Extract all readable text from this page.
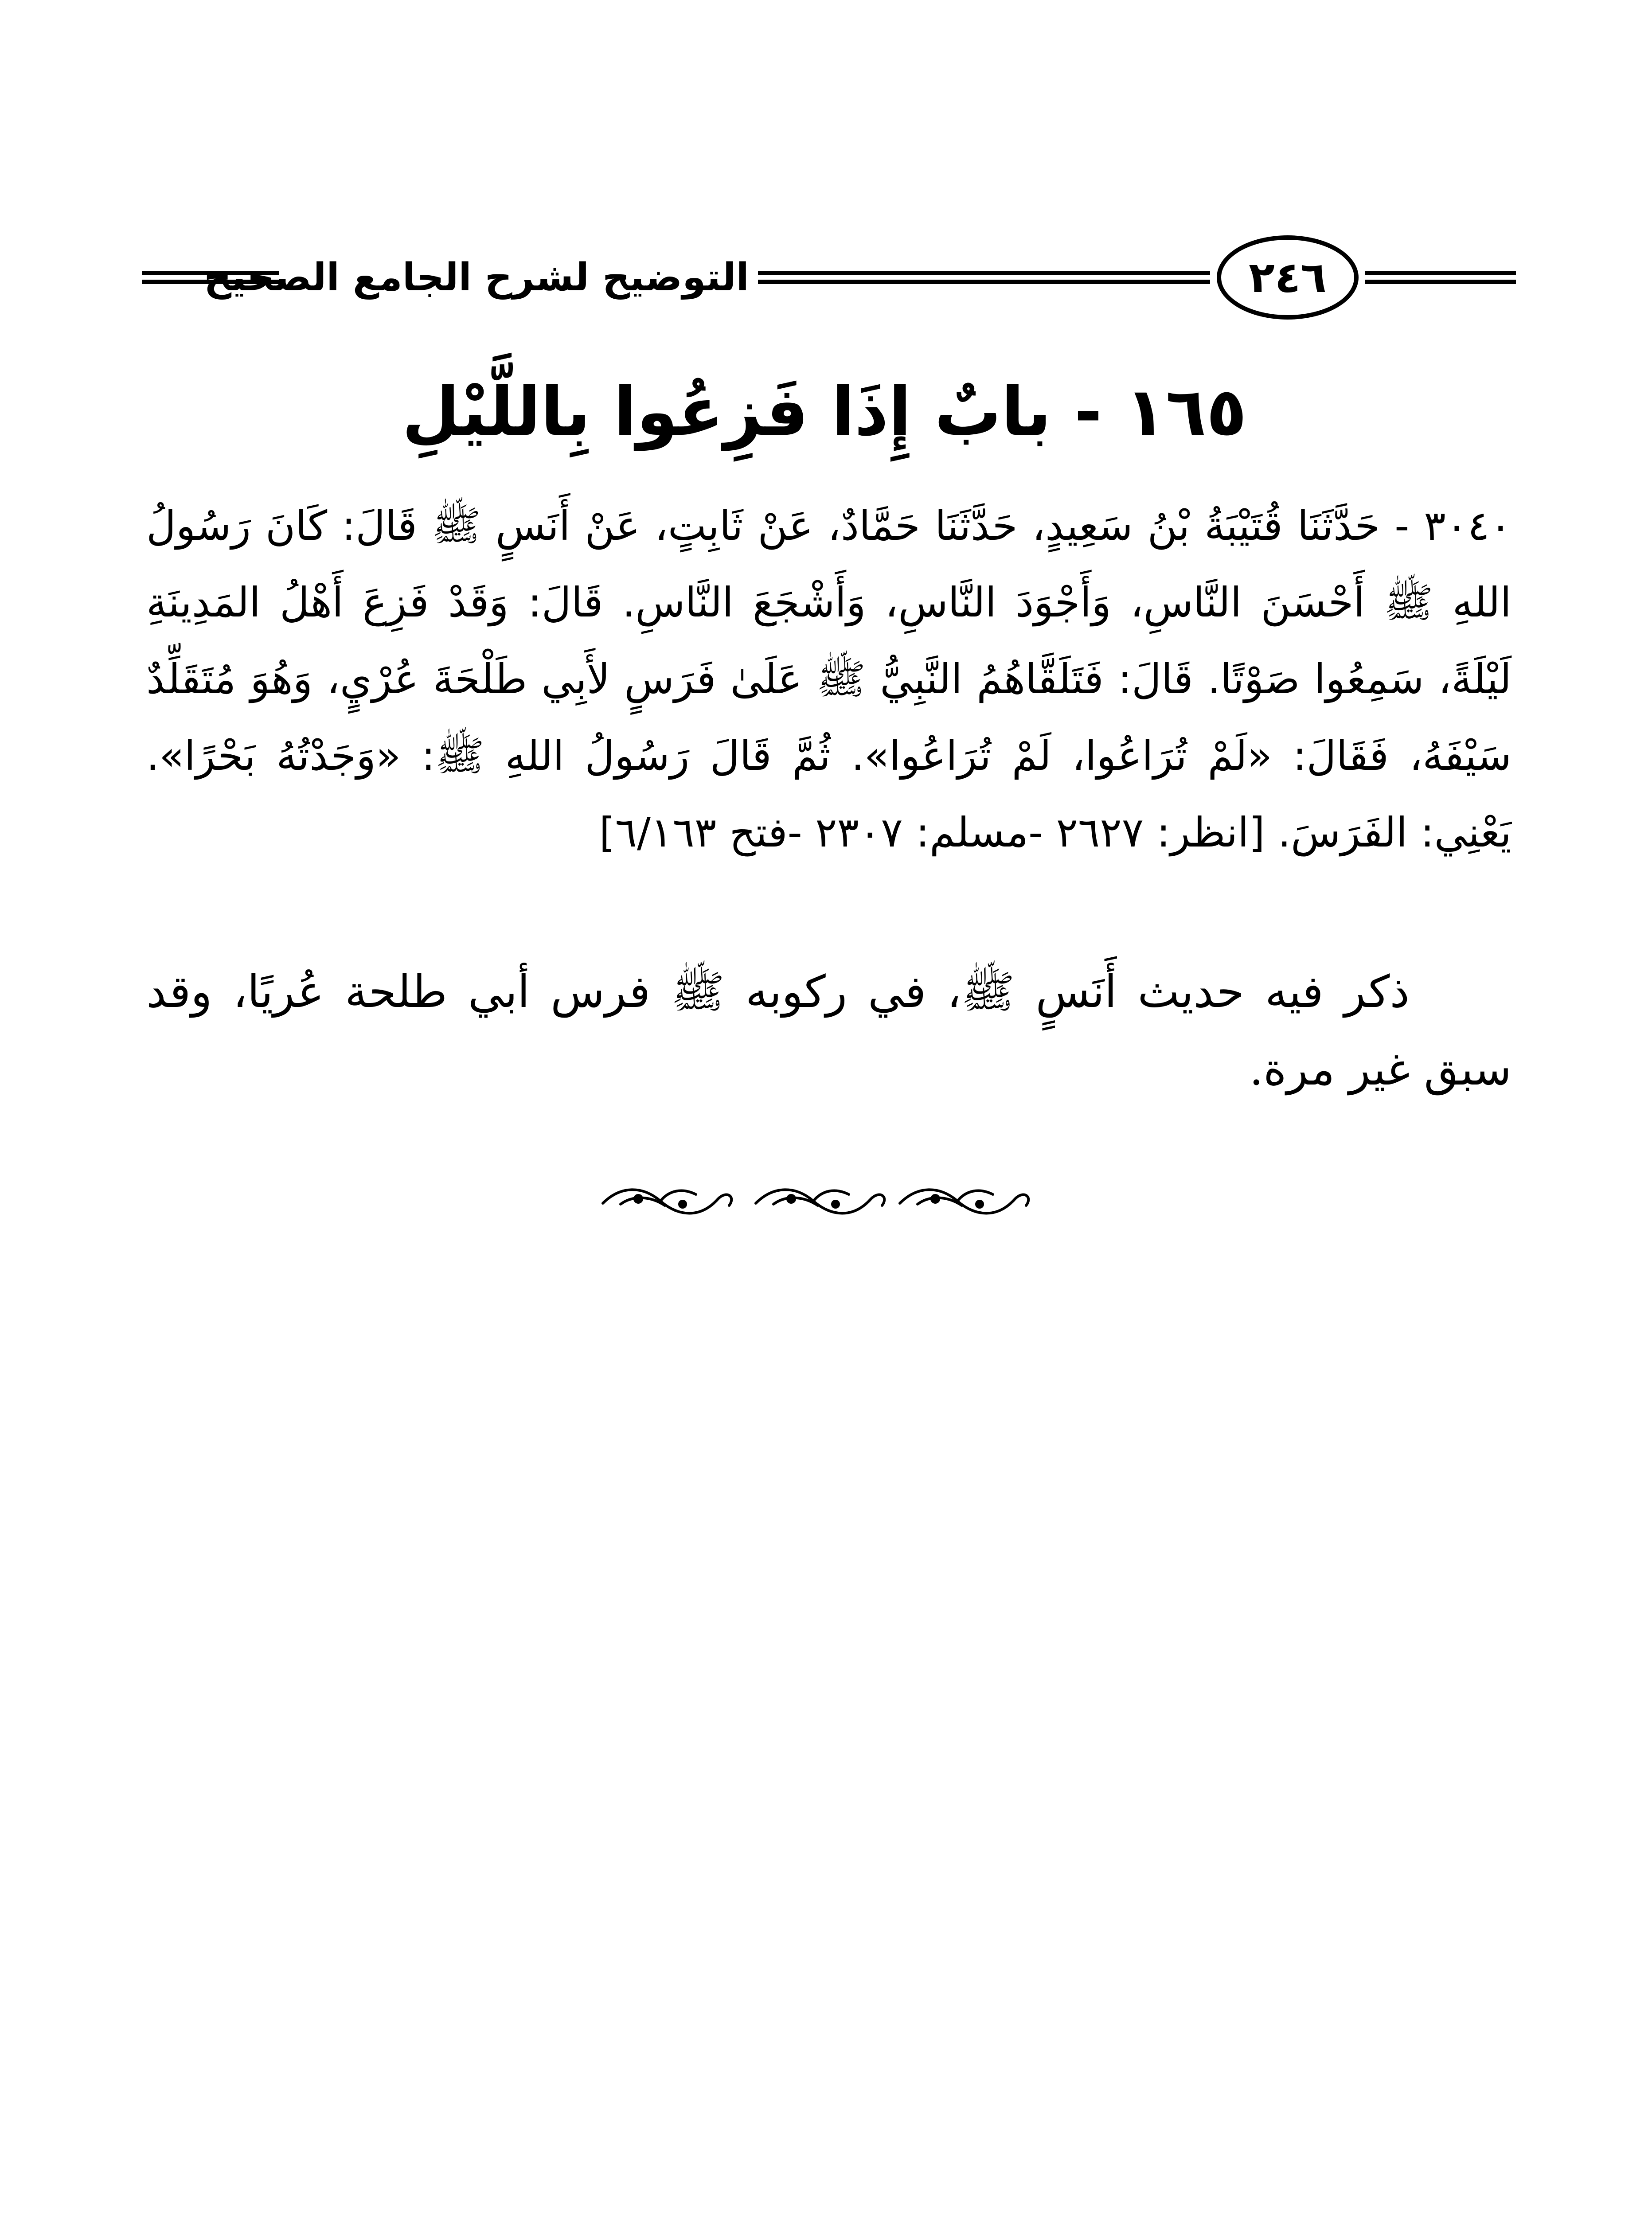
التوضيح لشرح الجامع الصحيح	٢٤٦
١٦٥ - بابٌ إِذَا فَزِعُوا بِاللَّيْلِ
٣٠٤٠ - حَدَّثَنَا قُتَيْبَةُ بْنُ سَعِيدٍ، حَدَّثَنَا حَمَّادٌ، عَنْ ثَابِتٍ، عَنْ أَنَسٍ ﷺ قَالَ: كَانَ رَسُولُ اللهِ ﷺ أَحْسَنَ النَّاسِ، وَأَجْوَدَ النَّاسِ، وَأَشْجَعَ النَّاسِ. قَالَ: وَقَدْ فَزِعَ أَهْلُ المَدِينَةِ لَيْلَةً، سَمِعُوا صَوْتًا. قَالَ: فَتَلَقَّاهُمُ النَّبِيُّ ﷺ عَلَىٰ فَرَسٍ لأَبِي طَلْحَةَ عُرْيٍ، وَهُوَ مُتَقَلِّدٌ سَيْفَهُ، فَقَالَ: «لَمْ تُرَاعُوا، لَمْ تُرَاعُوا». ثُمَّ قَالَ رَسُولُ اللهِ ﷺ: «وَجَدْتُهُ بَحْرًا». يَعْنِي: الفَرَسَ. [انظر: ٢٦٢٧ -مسلم: ٢٣٠٧ -فتح ٦/١٦٣]
ذكر فيه حديث أَنَسٍ ﷺ، في ركوبه ﷺ فرس أبي طلحة عُريًا، وقد سبق غير مرة.
